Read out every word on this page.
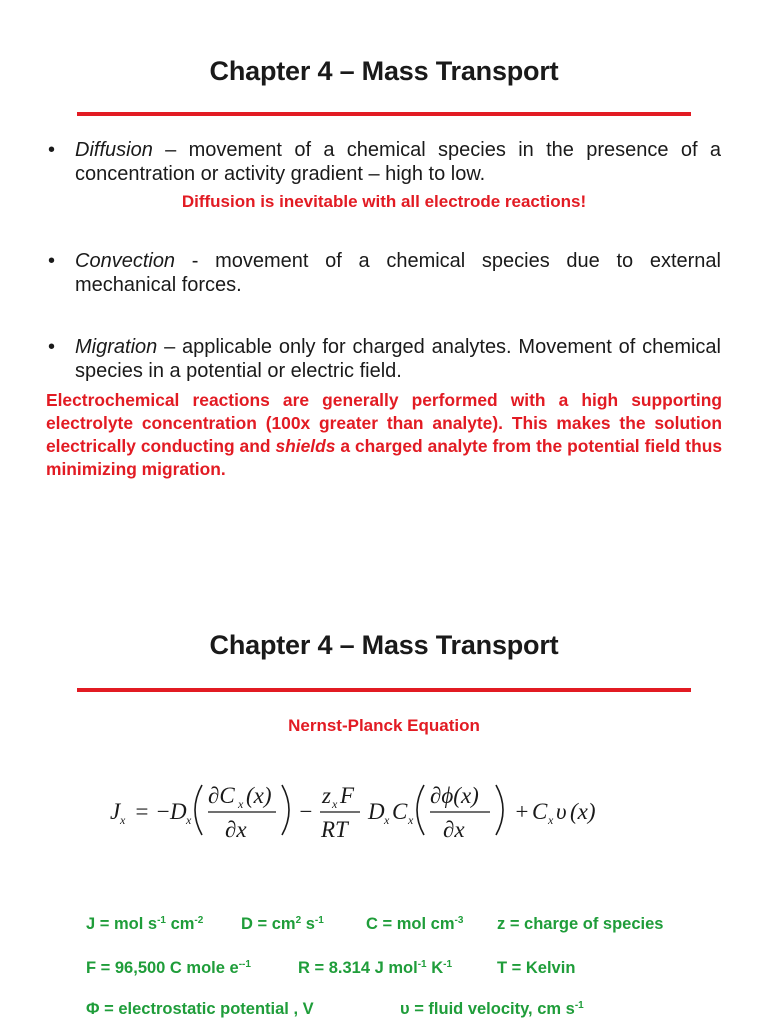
Chapter 4 – Mass Transport
• Diffusion – movement of a chemical species in the presence of a concentration or activity gradient – high to low.
Diffusion is inevitable with all electrode reactions!
• Convection - movement of a chemical species due to external mechanical forces.
• Migration – applicable only for charged analytes. Movement of chemical species in a potential or electric field.
Electrochemical reactions are generally performed with a high supporting electrolyte concentration (100x greater than analyte). This makes the solution electrically conducting and shields a charged analyte from the potential field thus minimizing migration.
Chapter 4 – Mass Transport
Nernst-Planck Equation
J x = − D x
∂C x (x)
∂x
−
z x F
RT
D x C x
∂ϕ(x)
∂x
+ C x υ (x)
J = mol $s^{-1}$ $cm^{-2}$ $D = cm^2$ $s^{-1}$	C = mol $cm^{-3}$ z = charge of species
F = 96,500 C mole $e^{--1}$	R = 8.314 J mol$^{-1}$ $K^{-1}$	T = Kelvin
Φ = electrostatic potential , V	υ = fluid velocity, cm $s^{-1}$
